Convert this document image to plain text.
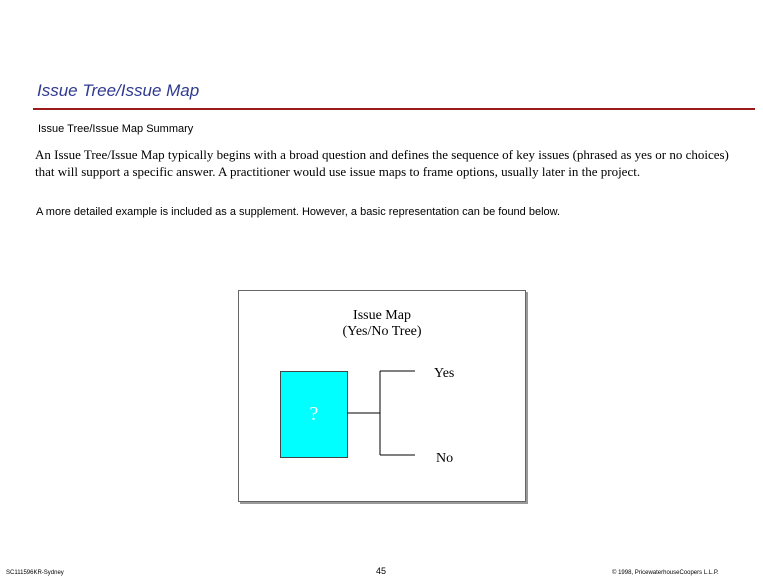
Issue Tree/Issue Map
Issue Tree/Issue Map Summary
An Issue Tree/Issue Map typically begins with a broad question and defines the sequence of key issues (phrased as yes or no choices) that will support a specific answer. A practitioner would use issue maps to frame options, usually later in the project.
A more detailed example is included as a supplement. However, a basic representation can be found below.
Issue Map
(Yes/No Tree)
?
Yes
No
SC111596KR-Sydney	45	© 1998, PricewaterhouseCoopers L.L.P.
